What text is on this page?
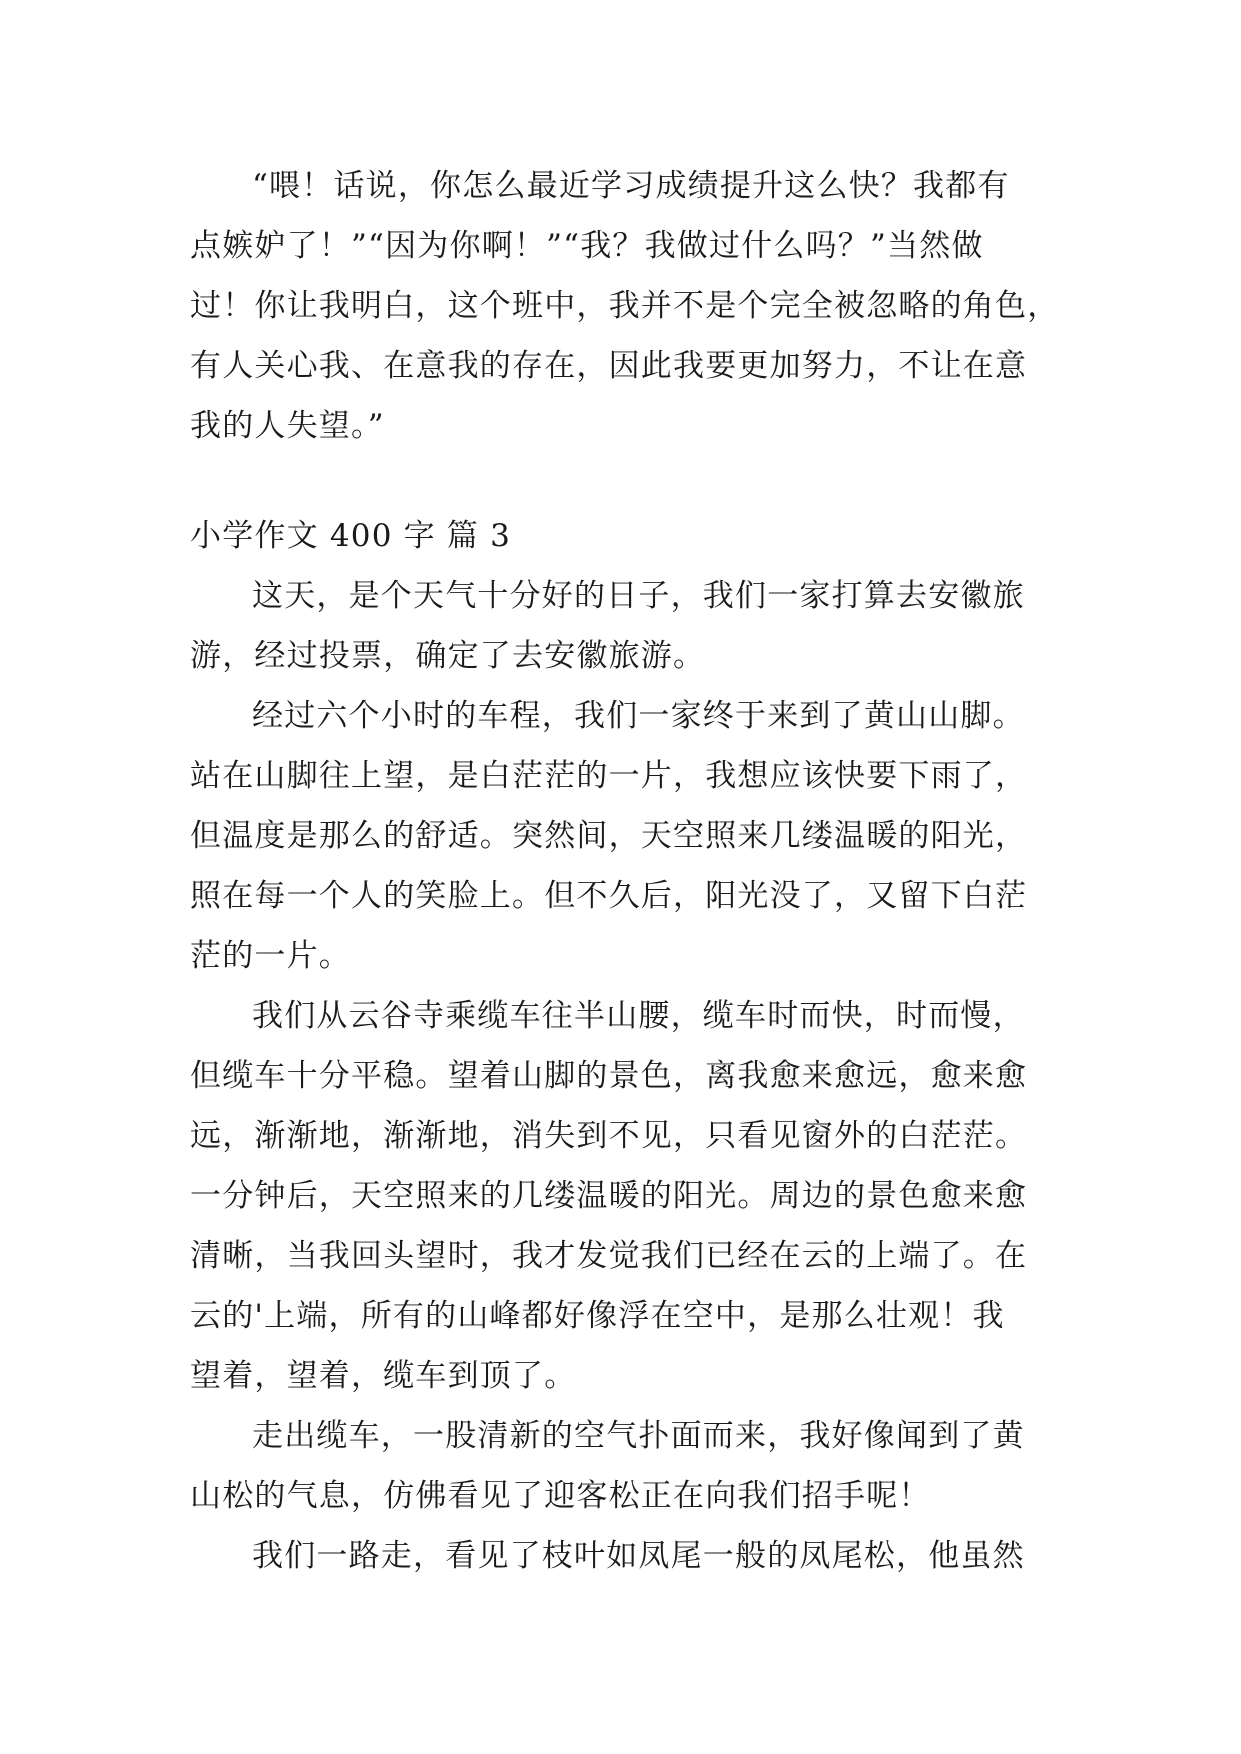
“喂！话说，你怎么最近学习成绩提升这么快？我都有
点嫉妒了！”“因为你啊！”“我？我做过什么吗？”当然做
过！你让我明白，这个班中，我并不是个完全被忽略的角色，
有人关心我、在意我的存在，因此我要更加努力，不让在意
我的人失望。”
小学作文 400 字 篇 3
这天，是个天气十分好的日子，我们一家打算去安徽旅
游，经过投票，确定了去安徽旅游。
经过六个小时的车程，我们一家终于来到了黄山山脚。
站在山脚往上望，是白茫茫的一片，我想应该快要下雨了，
但温度是那么的舒适。突然间，天空照来几缕温暖的阳光，
照在每一个人的笑脸上。但不久后，阳光没了，又留下白茫
茫的一片。
我们从云谷寺乘缆车往半山腰，缆车时而快，时而慢，
但缆车十分平稳。望着山脚的景色，离我愈来愈远，愈来愈
远，渐渐地，渐渐地，消失到不见，只看见窗外的白茫茫。
一分钟后，天空照来的几缕温暖的阳光。周边的景色愈来愈
清晰，当我回头望时，我才发觉我们已经在云的上端了。在
云的'上端，所有的山峰都好像浮在空中，是那么壮观！我
望着，望着，缆车到顶了。
走出缆车，一股清新的空气扑面而来，我好像闻到了黄
山松的气息，仿佛看见了迎客松正在向我们招手呢！
我们一路走，看见了枝叶如凤尾一般的凤尾松，他虽然
